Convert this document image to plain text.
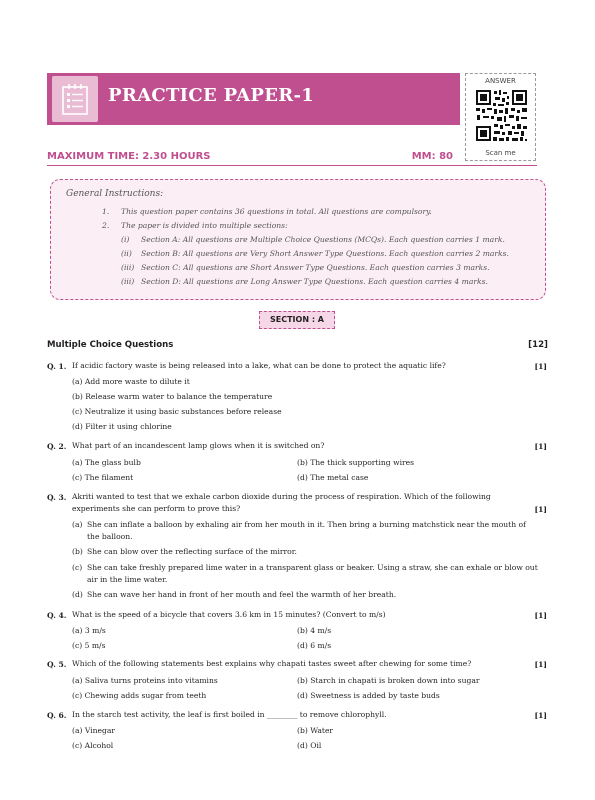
PRACTICE PAPER-1
ANSWER
Scan me
MAXIMUM TIME: 2.30 HOURS	MM: 80
General Instructions:
1. This question paper contains 36 questions in total. All questions are compulsory.
2. The paper is divided into multiple sections:
(i) Section A: All questions are Multiple Choice Questions (MCQs). Each question carries 1 mark.
(ii) Section B: All questions are Very Short Answer Type Questions. Each question carries 2 marks.
(iii) Section C: All questions are Short Answer Type Questions. Each question carries 3 marks.
(iii) Section D: All questions are Long Answer Type Questions. Each question carries 4 marks.
SECTION : A
Multiple Choice Questions	[12]
Q. 1. If acidic factory waste is being released into a lake, what can be done to protect the aquatic life?	[1]
(a) Add more waste to dilute it
(b) Release warm water to balance the temperature
(c) Neutralize it using basic substances before release
(d) Filter it using chlorine
Q. 2. What part of an incandescent lamp glows when it is switched on?	[1]
(a) The glass bulb	(b) The thick supporting wires
(c) The filament	(d) The metal case
Q. 3. Akriti wanted to test that we exhale carbon dioxide during the process of respiration. Which of the following experiments she can perform to prove this?	[1]
(a) She can inflate a balloon by exhaling air from her mouth in it. Then bring a burning matchstick near the mouth of the balloon.
(b) She can blow over the reflecting surface of the mirror.
(c) She can take freshly prepared lime water in a transparent glass or beaker. Using a straw, she can exhale or blow out air in the lime water.
(d) She can wave her hand in front of her mouth and feel the warmth of her breath.
Q. 4. What is the speed of a bicycle that covers 3.6 km in 15 minutes? (Convert to m/s)	[1]
(a) 3 m/s	(b) 4 m/s
(c) 5 m/s	(d) 6 m/s
Q. 5. Which of the following statements best explains why chapati tastes sweet after chewing for some time?	[1]
(a) Saliva turns proteins into vitamins	(b) Starch in chapati is broken down into sugar
(c) Chewing adds sugar from teeth	(d) Sweetness is added by taste buds
Q. 6. In the starch test activity, the leaf is first boiled in ________ to remove chlorophyll.	[1]
(a) Vinegar	(b) Water
(c) Alcohol	(d) Oil
